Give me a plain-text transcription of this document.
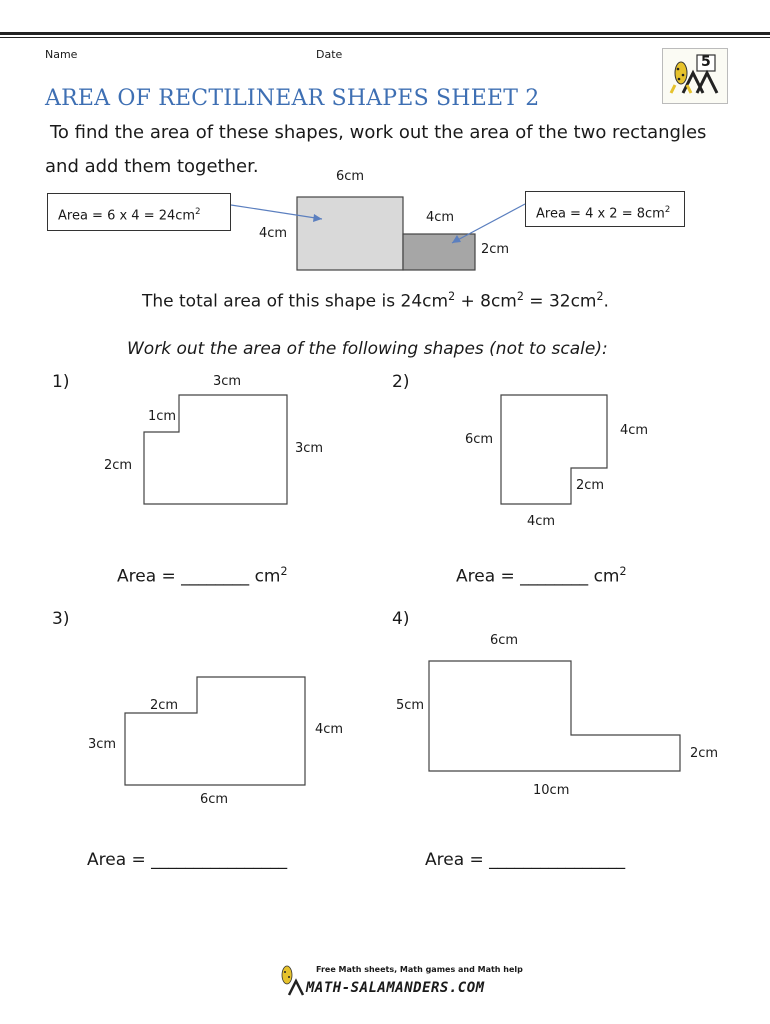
Name	Date	5
AREA OF RECTILINEAR SHAPES SHEET 2
To find the area of these shapes, work out the area of the two rectangles
and add them together.
Area = 6 x $4 = 24cm^2$	Area = 4 x $2 = 8cm^2$
6cm
4cm
4cm
2cm
The total area of this shape is $24cm^2 + 8cm^2 = 32cm^2$.
Work out the area of the following shapes (not to scale):
1)	3cm
1cm
3cm
2cm
Area = ________ $cm^2$
2)
4cm
6cm
2cm
4cm
Area = ________ $cm^2$
3)
2cm
4cm
3cm
6cm
Area = ________________
4)
6cm
5cm
2cm
10cm
Area = ________________
Free Math sheets, Math games and Math help
MATH-SALAMANDERS.COM
